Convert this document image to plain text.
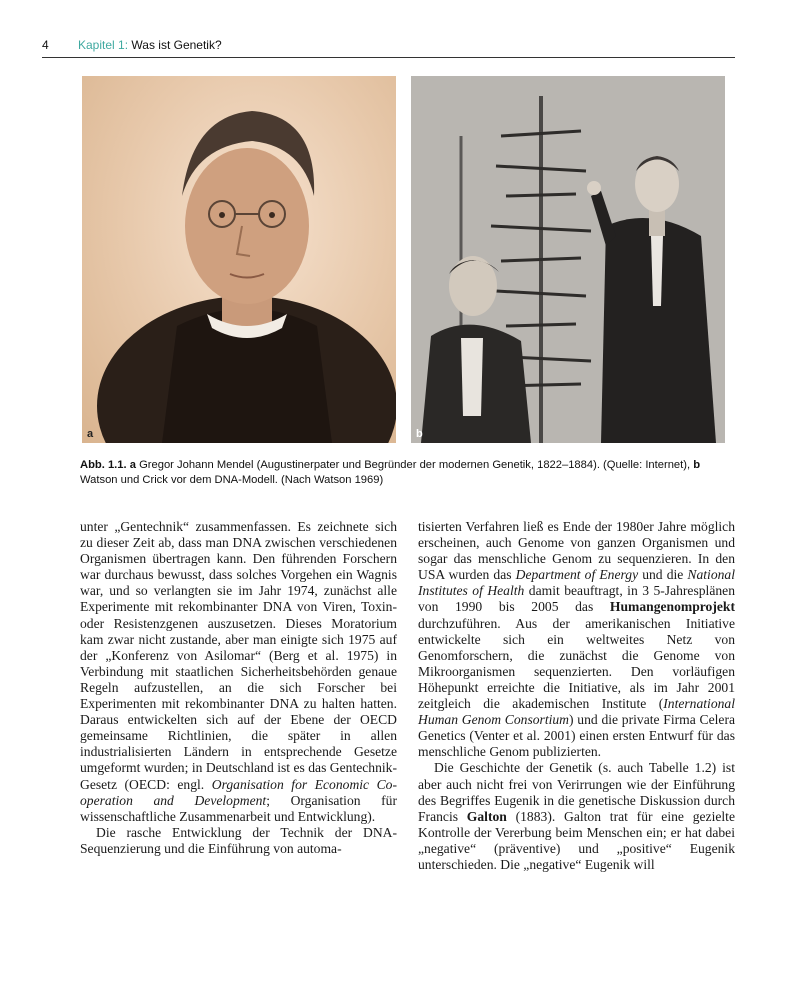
4 Kapitel 1: Was ist Genetik?
a	b
Abb. 1.1. a Gregor Johann Mendel (Augustinerpater und Begründer der modernen Genetik, 1822–1884). (Quelle: Internet), b Watson und Crick vor dem DNA-Modell. (Nach Watson 1969)

unter „Gentechnik“ zusammenfassen. Es zeichnete sich zu dieser Zeit ab, dass man DNA zwischen verschiedenen Organismen übertragen kann. Den führenden Forschern war durchaus bewusst, dass solches Vorgehen ein Wagnis war, und so verlangten sie im Jahr 1974, zunächst alle Experimente mit rekombinanter DNA von Viren, Toxin- oder Resistenzgenen auszusetzen. Dieses Moratorium kam zwar nicht zustande, aber man einigte sich 1975 auf der „Konferenz von Asilomar“ (Berg et al. 1975) in Verbindung mit staatlichen Sicherheitsbehörden genaue Regeln aufzustellen, an die sich Forscher bei Experimenten mit rekombinanter DNA zu halten hatten. Daraus entwickelten sich auf der Ebene der OECD gemeinsame Richtlinien, die später in allen industrialisierten Ländern in entsprechende Gesetze umgeformt wurden; in Deutschland ist es das Gentechnik-Gesetz (OECD: engl. Organisation for Economic Co-operation and Development; Organisation für wissenschaftliche Zusammenarbeit und Entwicklung).

Die rasche Entwicklung der Technik der DNA-Sequenzierung und die Einführung von automa-

tisierten Verfahren ließ es Ende der 1980er Jahre möglich erscheinen, auch Genome von ganzen Organismen und sogar das menschliche Genom zu sequenzieren. In den USA wurden das Department of Energy und die National Institutes of Health damit beauftragt, in 3 5-Jahresplänen von 1990 bis 2005 das Humangenomprojekt durchzuführen. Aus der amerikanischen Initiative entwickelte sich ein weltweites Netz von Genomforschern, die zunächst die Genome von Mikroorganismen sequenzierten. Den vorläufigen Höhepunkt erreichte die Initiative, als im Jahr 2001 zeitgleich die akademischen Institute (International Human Genom Consortium) und die private Firma Celera Genetics (Venter et al. 2001) einen ersten Entwurf für das menschliche Genom publizierten.

Die Geschichte der Genetik (s. auch Tabelle 1.2) ist aber auch nicht frei von Verirrungen wie der Einführung des Begriffes Eugenik in die genetische Diskussion durch Francis Galton (1883). Galton trat für eine gezielte Kontrolle der Vererbung beim Menschen ein; er hat dabei „negative“ (präventive) und „positive“ Eugenik unterschieden. Die „negative“ Eugenik will
